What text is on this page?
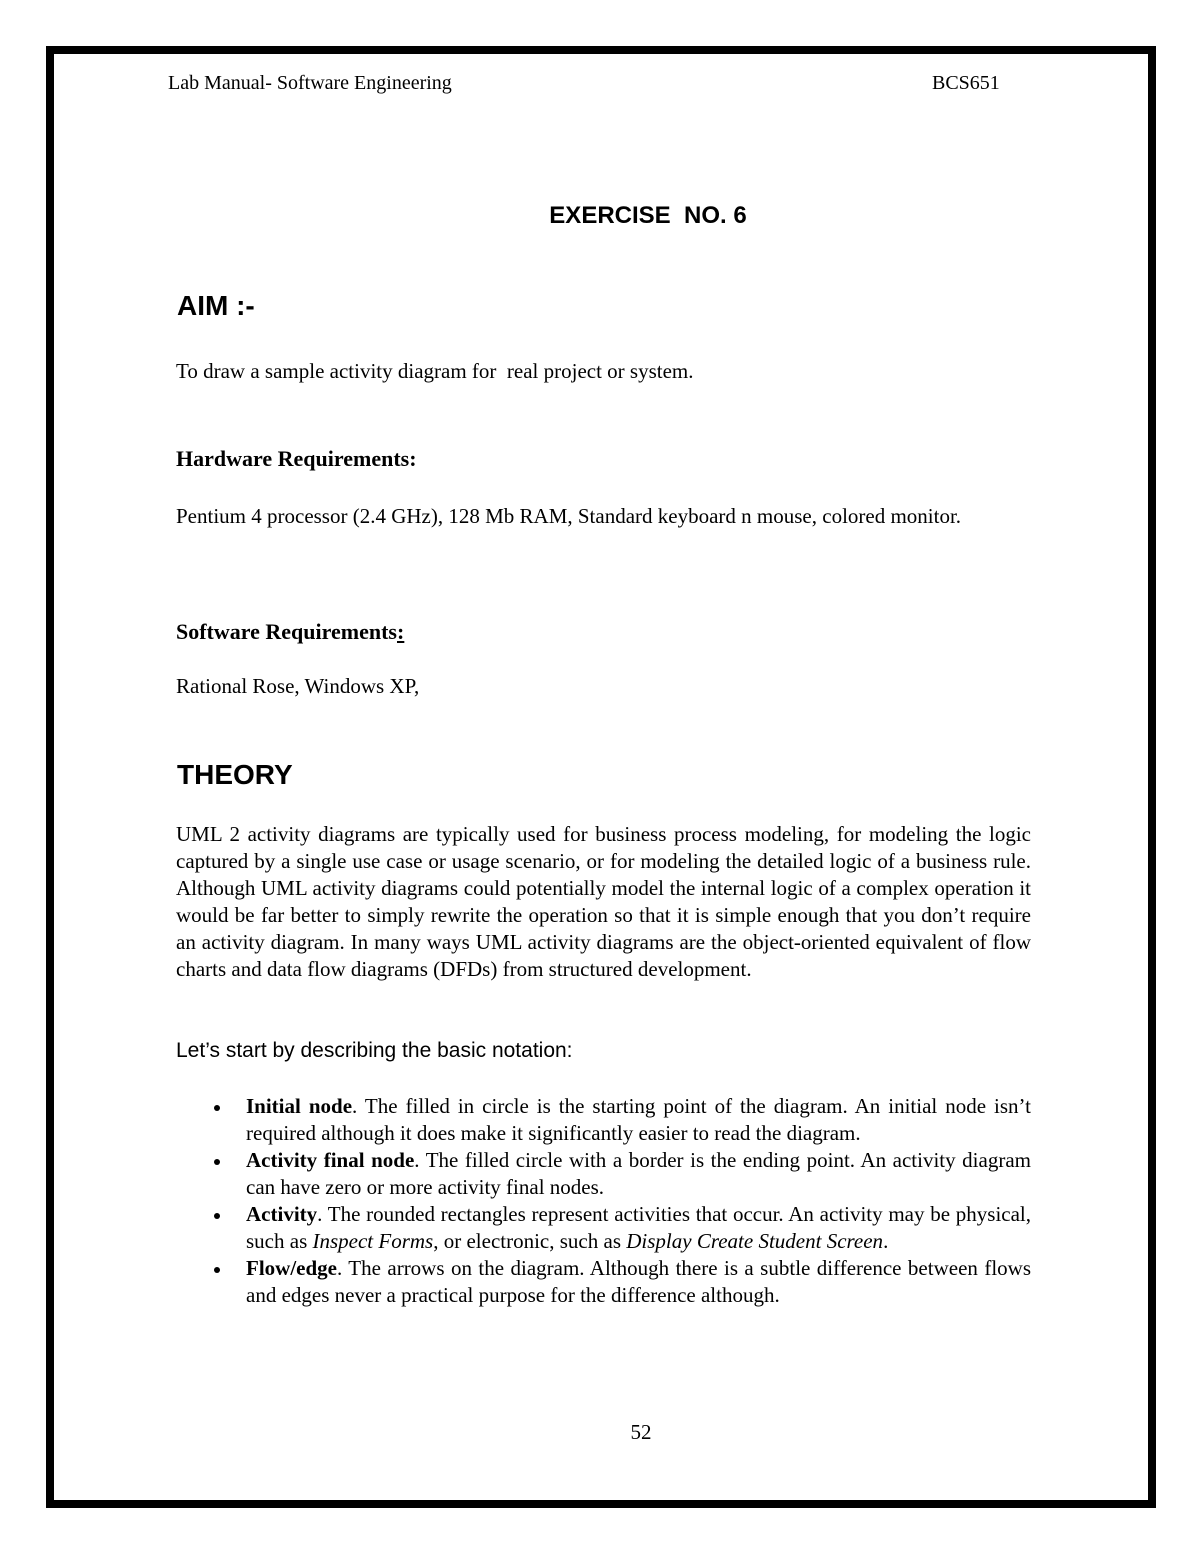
Lab Manual- Software Engineering	BCS651
EXERCISE  NO. 6
AIM :-

To draw a sample activity diagram for  real project or system.

Hardware Requirements:

Pentium 4 processor (2.4 GHz), 128 Mb RAM, Standard keyboard n mouse, colored monitor.

Software Requirements:

Rational Rose, Windows XP,

THEORY

UML 2 activity diagrams are typically used for business process modeling, for modeling the logic captured by a single use case or usage scenario, or for modeling the detailed logic of a business rule. Although UML activity diagrams could potentially model the internal logic of a complex operation it would be far better to simply rewrite the operation so that it is simple enough that you don’t require an activity diagram. In many ways UML activity diagrams are the object-oriented equivalent of flow charts and data flow diagrams (DFDs) from structured development.

Let’s start by describing the basic notation:

Initial node. The filled in circle is the starting point of the diagram. An initial node isn’t required although it does make it significantly easier to read the diagram.
Activity final node. The filled circle with a border is the ending point. An activity diagram can have zero or more activity final nodes.
Activity. The rounded rectangles represent activities that occur. An activity may be physical, such as Inspect Forms, or electronic, such as Display Create Student Screen.
Flow/edge. The arrows on the diagram. Although there is a subtle difference between flows and edges never a practical purpose for the difference although.
52
